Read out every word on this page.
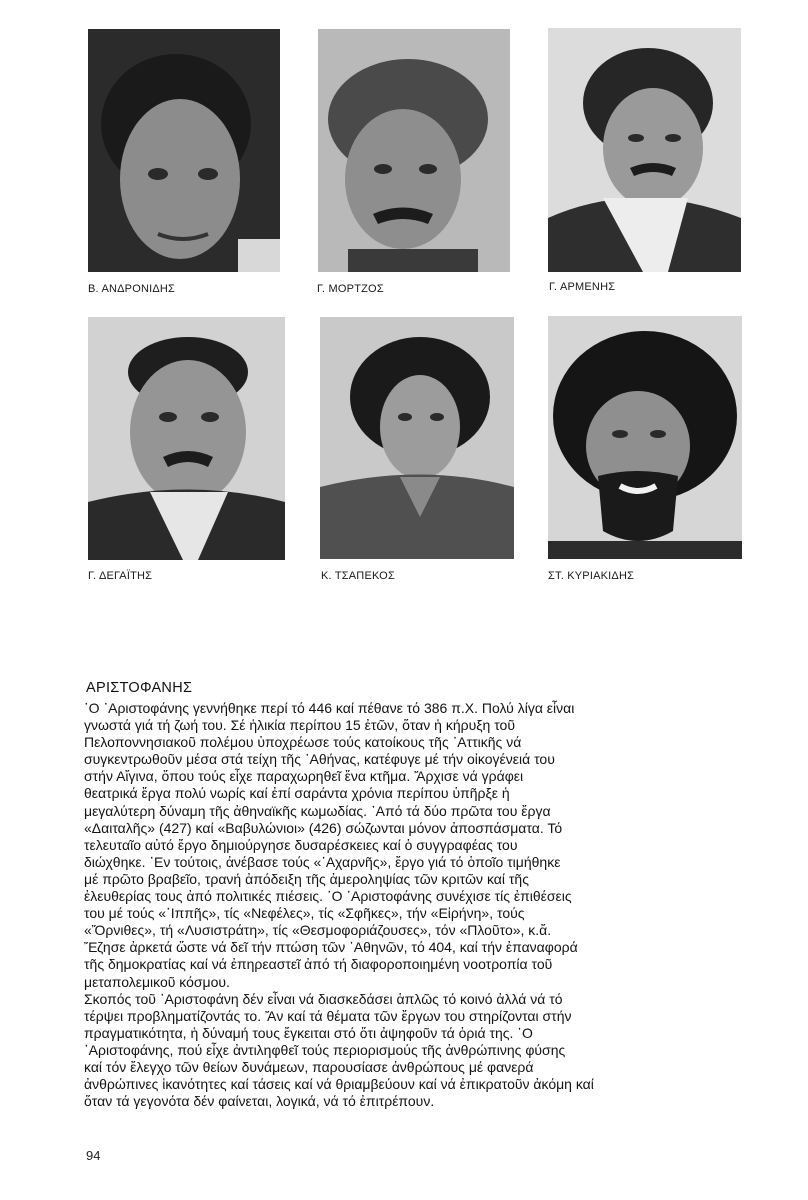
Β. ΑΝΔΡΟΝΙΔΗΣ	Γ. ΜΟΡΤΖΟΣ	Γ. ΑΡΜΕΝΗΣ
Γ. ΔΕΓΑΪΤΗΣ	Κ. ΤΣΑΠΕΚΟΣ	ΣΤ. ΚΥΡΙΑΚΙΔΗΣ
ΑΡΙΣΤΟΦΑΝΗΣ
῾Ο ᾿Αριστοφάνης γεννήθηκε περί τό 446 καί πέθανε τό 386 π.Χ. Πολύ λίγα εἶναι
γνωστά γιά τή ζωή του. Σέ ἡλικία περίπου 15 ἐτῶν, ὅταν ἡ κήρυξη τοῦ
Πελοποννησιακοῦ πολέμου ὑποχρέωσε τούς κατοίκους τῆς ᾿Αττικῆς νά
συγκεντρωθοῦν μέσα στά τείχη τῆς ᾿Αθήνας, κατέφυγε μέ τήν οἰκογένειά του
στήν Αἴγινα, ὅπου τούς εἶχε παραχωρηθεῖ ἕνα κτῆμα. Ἄρχισε νά γράφει
θεατρικά ἔργα πολύ νωρίς καί ἐπί σαράντα χρόνια περίπου ὑπῆρξε ἡ
μεγαλύτερη δύναμη τῆς ἀθηναϊκῆς κωμωδίας. ᾿Από τά δύο πρῶτα του ἔργα
«Δαιταλῆς» (427) καί «Βαβυλώνιοι» (426) σώζωνται μόνον ἀποσπάσματα. Τό
τελευταῖο αὐτό ἔργο δημιούργησε δυσαρέσκειες καί ὁ συγγραφέας του
διώχθηκε. ᾿Εν τούτοις, ἀνέβασε τούς «᾿Αχαρνῆς», ἔργο γιά τό ὁποῖο τιμήθηκε
μέ πρῶτο βραβεῖο, τρανή ἀπόδειξη τῆς ἀμεροληψίας τῶν κριτῶν καί τῆς
ἐλευθερίας τους ἀπό πολιτικές πιέσεις. ῾Ο ᾿Αριστοφάνης συνέχισε τίς ἐπιθέσεις
του μέ τούς «῾Ιππῆς», τίς «Νεφέλες», τίς «Σφῆκες», τήν «Εἰρήνη», τούς
«Ὄρνιθες», τή «Λυσιστράτη», τίς «Θεσμοφοριάζουσες», τόν «Πλοῦτο», κ.ἄ.
Ἔζησε ἀρκετά ὥστε νά δεῖ τήν πτώση τῶν ᾿Αθηνῶν, τό 404, καί τήν ἐπαναφορά
τῆς δημοκρατίας καί νά ἐπηρεαστεῖ ἀπό τή διαφοροποιημένη νοοτροπία τοῦ
μεταπολεμικοῦ κόσμου.
Σκοπός τοῦ ᾿Αριστοφάνη δέν εἶναι νά διασκεδάσει ἁπλῶς τό κοινό ἀλλά νά τό
τέρψει προβληματίζοντάς το. Ἄν καί τά θέματα τῶν ἔργων του στηρίζονται στήν
πραγματικότητα, ἡ δύναμή τους ἔγκειται στό ὅτι ἀψηφοῦν τά ὁριά της. ῾Ο
᾿Αριστοφάνης, πού εἶχε ἀντιληφθεῖ τούς περιορισμούς τῆς ἀνθρώπινης φύσης
καί τόν ἔλεγχο τῶν θείων δυνάμεων, παρουσίασε ἀνθρώπους μέ φανερά
ἀνθρώπινες ἱκανότητες καί τάσεις καί νά θριαμβεύουν καί νά ἐπικρατοῦν ἀκόμη καί
ὅταν τά γεγονότα δέν φαίνεται, λογικά, νά τό ἐπιτρέπουν.
94
